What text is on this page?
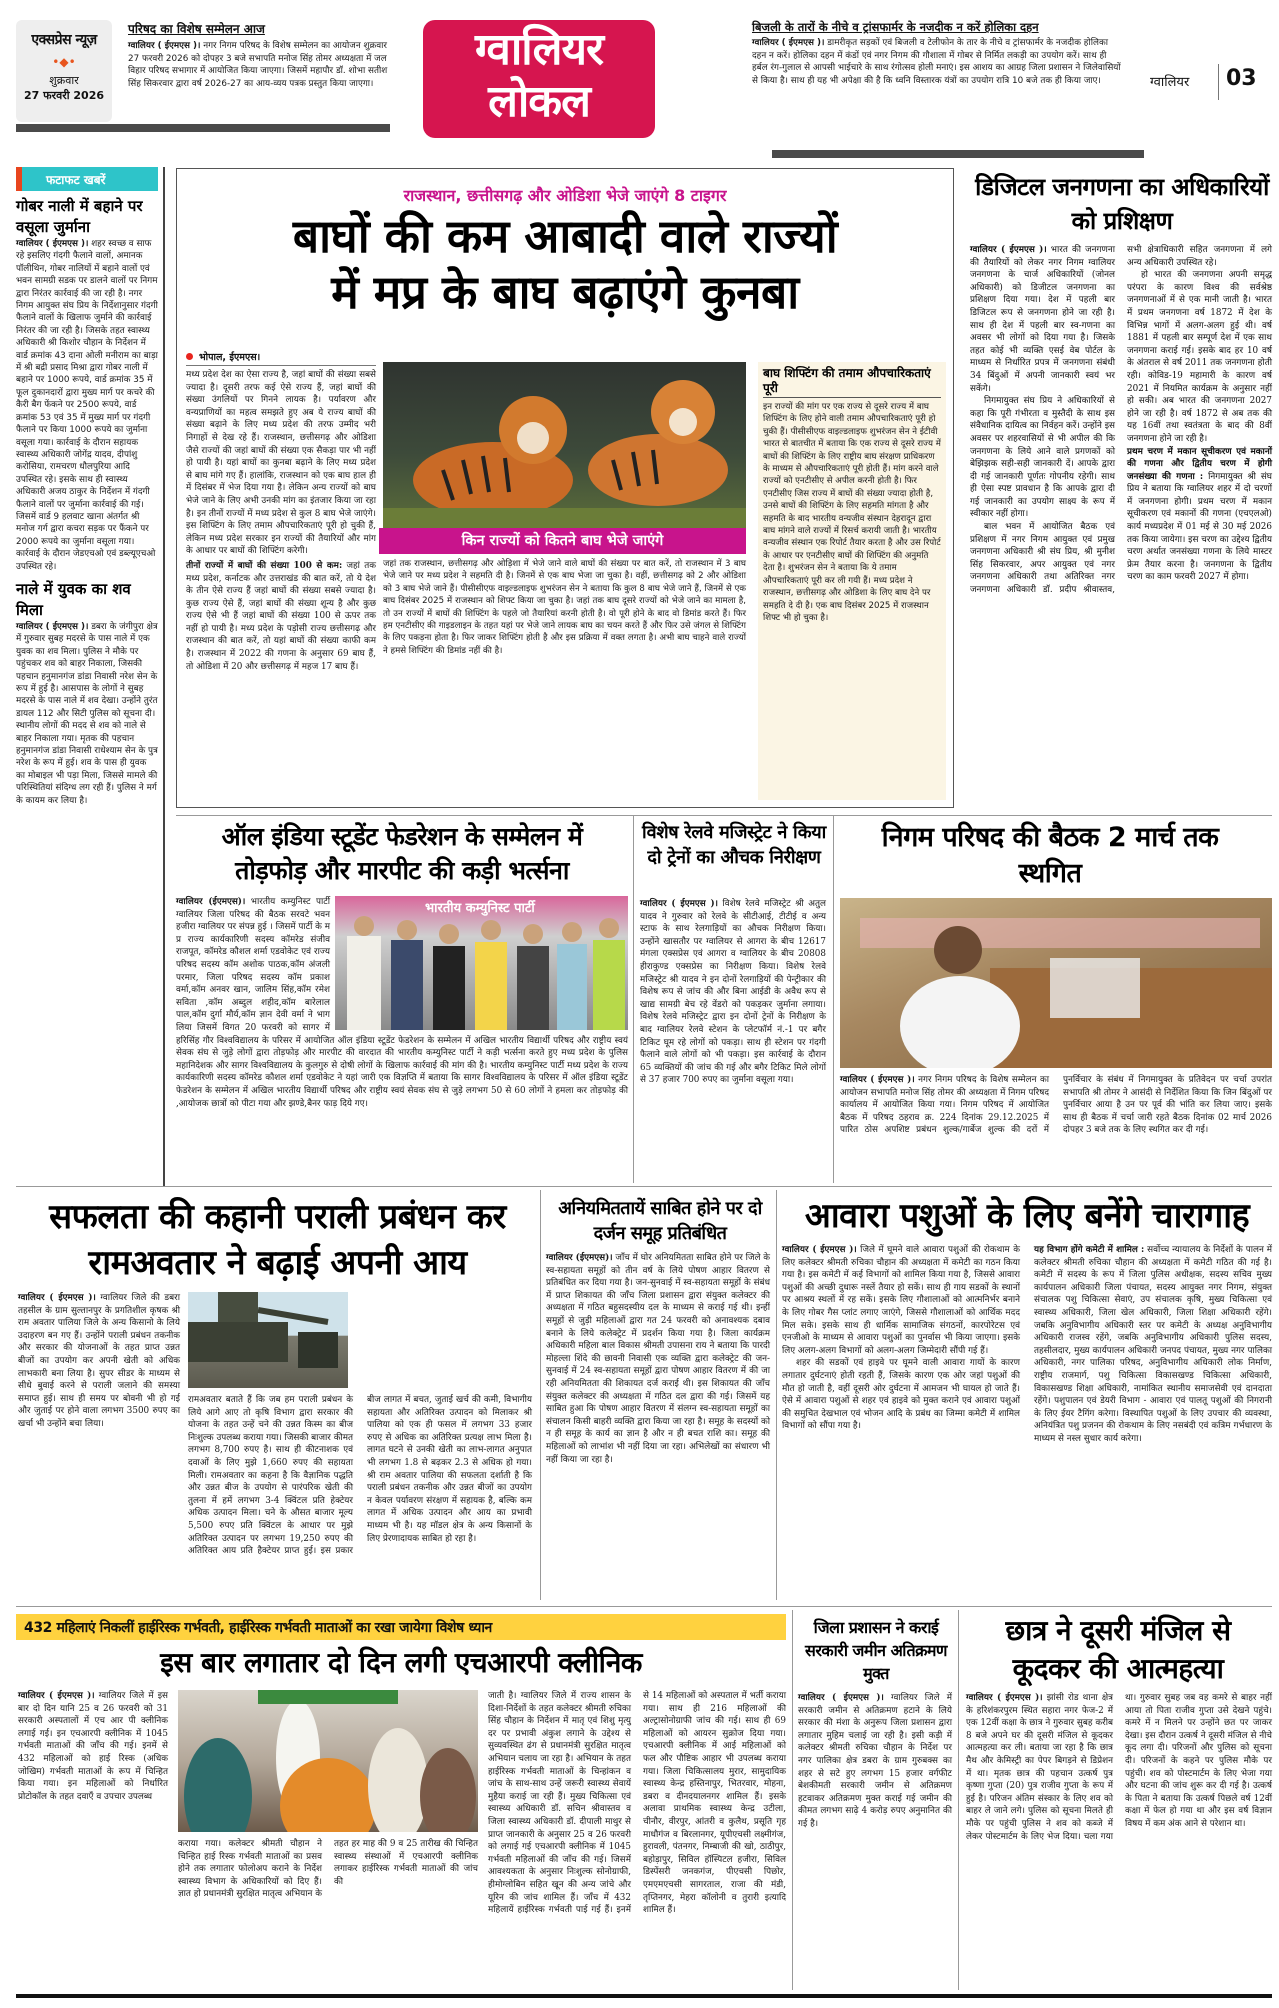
एक्सप्रेस न्यूज़
•◆•
शुक्रवार
27 फरवरी 2026
परिषद का विशेष सम्मेलन आज
ग्वालियर ( ईएमएस )। नगर निगम परिषद के विशेष सम्मेलन का आयोजन शुक्रवार 27 फरवरी 2026 को दोपहर 3 बजे सभापति मनोज सिंह तोमर अध्यक्षता में जल विहार परिषद सभागार में आयोजित किया जाएगा। जिसमें महापौर डॉ. शोभा सतीश सिंह सिकरवार द्वारा वर्ष 2026-27 का आय-व्यय पत्रक प्रस्तुत किया जाएगा।
ग्वालियर
लोकल
बिजली के तारों के नीचे व ट्रांसफार्मर के नजदीक न करें होलिका दहन
ग्वालियर ( ईएमएस )। डामरीकृत सड़कों एवं बिजली व टेलीफोन के तार के नीचे व ट्रांसफार्मर के नजदीक होलिका दहन न करें। होलिका दहन में कंडों एवं नगर निगम की गौशाला में गोबर से निर्मित लकड़ी का उपयोग करें। साथ ही हर्बल रंग-गुलाल से आपसी भाईचारे के साथ रंगोत्सव होली मनाएं। इस आशय का आग्रह जिला प्रशासन ने जिलेवासियों से किया है। साथ ही यह भी अपेक्षा की है कि ध्वनि विस्तारक यंत्रों का उपयोग रात्रि 10 बजे तक ही किया जाए।	ग्वालियर 03
फटाफट खबरें
गोबर नाली में बहाने पर वसूला जुर्माना
ग्वालियर ( ईएमएस )। शहर स्वच्छ व साफ रहे इसलिए गंदगी फैलाने वालों, अमानक पॉलीथिन, गोबर नालियों में बहाने वालों एवं भवन सामग्री सडक पर डालने वालों पर निगम द्वारा निरंतर कार्रवाई की जा रही है। नगर निगम आयुक्त संघ प्रिय के निर्देशानुसार गंदगी फैलाने वालों के खिलाफ जुर्माने की कार्रवाई निरंतर की जा रही है। जिसके तहत स्वास्थ्य अधिकारी श्री किशोर चौहान के निर्देशन में वार्ड क्रमांक 43 दाना ओली मनीराम का बाड़ा में श्री बद्री प्रसाद मिश्रा द्वारा गोबर नाली में बहाने पर 1000 रूपये, वार्ड क्रमांक 35 में फूल दुकानदारों द्वारा मुख्य मार्ग पर कचरे की कैरी बैग फेंकने पर 2500 रूपये, वार्ड क्रमांक 53 एवं 35 में मुख्य मार्ग पर गंदगी फैलाने पर किया 1000 रूपये का जुर्माना वसूला गया। कार्रवाई के दौरान सहायक स्वास्थ्य अधिकारी जोगेंद्र यादव, दीपांशु करोसिया, रामचरण धौलपुरिया आदि उपस्थित रहे। इसके साथ ही स्वास्थ्य अधिकारी अजय ठाकुर के निर्देशन में गंदगी फैलाने वालों पर जुर्माना कार्रवाई की गई। जिसमें वार्ड 9 हलवाट खाना अंतर्गत श्री मनोज गर्ग द्वारा कचरा सड़क पर फैंकने पर 2000 रूपये का जुर्माना वसूला गया। कार्रवाई के दौरान जेडएचओ एवं डब्ल्यूएचओ उपस्थित रहे।
नाले में युवक का शव मिला
ग्वालियर ( ईएमएस )। डबरा के जंगीपुरा क्षेत्र में गुरुवार सुबह मदरसे के पास नाले में एक युवक का शव मिला। पुलिस ने मौके पर पहुंचकर शव को बाहर निकाला, जिसकी पहचान हनुमानगंज डांडा निवासी नरेश सेन के रूप में हुई है। आसपास के लोगों ने सुबह मदरसे के पास नाले में शव देखा। उन्होंने तुरंत डायल 112 और सिटी पुलिस को सूचना दी। स्थानीय लोगों की मदद से शव को नाले से बाहर निकाला गया। मृतक की पहचान हनुमानगंज डांडा निवासी राधेश्याम सेन के पुत्र नरेश के रूप में हुई। शव के पास ही युवक का मोबाइल भी पड़ा मिला, जिससे मामले की परिस्थितियां संदिग्ध लग रही हैं। पुलिस ने मर्ग के कायम कर लिया है।
राजस्थान, छत्तीसगढ़ और ओडिशा भेजे जाएंगे 8 टाइगर
बाघों की कम आबादी वाले राज्यों
में मप्र के बाघ बढ़ाएंगे कुनबा
भोपाल, ईएमएस।
मध्य प्रदेश देश का ऐसा राज्य है, जहां बाघों की संख्या सबसे ज्यादा है। दूसरी तरफ कई ऐसे राज्य हैं, जहां बाघों की संख्या उंगलियों पर गिनने लायक है। पर्यावरण और वन्यप्राणियों का महत्व समझते हुए अब ये राज्य बाघों की संख्या बढ़ाने के लिए मध्य प्रदेश की तरफ उम्मीद भरी निगाहों से देख रहे हैं। राजस्थान, छत्तीसगढ़ और ओडिशा जैसे राज्यों की जहां बाघों की संख्या एक सैकड़ा पार भी नहीं हो पायी है। यहां बाघों का कुनबा बढ़ाने के लिए मध्य प्रदेश से बाघ मांगे गए हैं। हालांकि, राजस्थान को एक बाघ हाल ही में दिसंबर में भेज दिया गया है। लेकिन अन्य राज्यों को बाघ भेजे जाने के लिए अभी उनकी मांग का इंतजार किया जा रहा है। इन तीनों राज्यों में मध्य प्रदेश से कुल 8 बाघ भेजे जाएंगे। इस शिफ्टिंग के लिए तमाम औपचारिकताएं पूरी हो चुकी हैं, लेकिन मध्य प्रदेश सरकार इन राज्यों की तैयारियों और मांग के आधार पर बाघों की शिफ्टिंग करेगी।
तीनों राज्यों में बाघों की संख्या 100 से कम: जहां तक मध्य प्रदेश, कर्नाटक और उत्तराखंड की बात करें, तो ये देश के तीन ऐसे राज्य हैं जहां बाघों की संख्या सबसे ज्यादा है। कुछ राज्य ऐसे हैं, जहां बाघों की संख्या शून्य है और कुछ राज्य ऐसे भी हैं जहां बाघों की संख्या 100 से ऊपर तक नहीं हो पायी है। मध्य प्रदेश के पड़ोसी राज्य छत्तीसगढ़ और राजस्थान की बात करें, तो यहां बाघों की संख्या काफी कम है। राजस्थान में 2022 की गणना के अनुसार 69 बाघ हैं, तो ओडिशा में 20 और छत्तीसगढ़ में महज 17 बाघ हैं।
किन राज्यों को कितने बाघ भेजे जाएंगे
जहां तक राजस्थान, छत्तीसगढ़ और ओड़िशा में भेजे जाने वाले बाघों की संख्या पर बात करें, तो राजस्थान में 3 बाघ भेजे जाने पर मध्य प्रदेश ने सहमति दी है। जिनमें से एक बाघ भेजा जा चुका है। वहीं, छत्तीसगढ़ को 2 और ओडिशा को 3 बाघ भेजे जाने हैं। पीसीसीएफ वाइल्डलाइफ शुभरंजन सेन ने बताया कि कुल 8 बाघ भेजे जाने हैं, जिनमें से एक बाघ दिसंबर 2025 में राजस्थान को शिफ्ट किया जा चुका है। जहां तक बाघ दूसरे राज्यों को भेजे जाने का मामला है, तो उन राज्यों में बाघों की शिफ्टिंग के पहले जो तैयारियां करनी होती है। वो पूरी होने के बाद वो डिमांड करते हैं। फिर हम एनटीसीए की गाइडलाइन के तहत यहां पर भेजे जाने लायक बाघ का चयन करते हैं और फिर उसे जंगल से शिफ्टिंग के लिए पकड़ना होता है। फिर जाकर शिफ्टिंग होती है और इस प्रक्रिया में वक्त लगता है। अभी बाघ चाहने वाले राज्यों ने हमसे शिफ्टिंग की डिमांड नहीं की है।
बाघ शिफ्टिंग की तमाम औपचारिकताएं पूरी
इन राज्यों की मांग पर एक राज्य से दूसरे राज्य में बाघ शिफ्टिंग के लिए होने वाली तमाम औपचारिकताएं पूरी हो चुकी हैं। पीसीसीएफ वाइल्डलाइफ शुभरंजन सेन ने ईटीवी भारत से बातचीत में बताया कि एक राज्य से दूसरे राज्य में बाघों की शिफ्टिंग के लिए राष्ट्रीय बाघ संरक्षण प्राधिकरण के माध्यम से औपचारिकताएं पूरी होती हैं। मांग करने वाले राज्यों को एनटीसीए से अपील करनी होती है। फिर एनटीसीए जिस राज्य में बाघों की संख्या ज्यादा होती है, उनसे बाघों की शिफ्टिंग के लिए सहमति मांगता है और सहमति के बाद भारतीय वन्यजीव संस्थान देहरादून द्वारा बाघ मांगने वाले राज्यों में रिसर्च करायी जाती है। भारतीय वन्यजीव संस्थान एक रिपोर्ट तैयार करता है और उस रिपोर्ट के आधार पर एनटीसीए बाघों की शिफ्टिंग की अनुमति देता है। शुभरंजन सेन ने बताया कि ये तमाम औपचारिकताएं पूरी कर ली गयी हैं। मध्य प्रदेश ने राजस्थान, छत्तीसगढ़ और ओडिशा के लिए बाघ देने पर समहति दे दी है। एक बाघ दिसंबर 2025 में राजस्थान शिफ्ट भी हो चुका है।
डिजिटल जनगणना का अधिकारियों को प्रशिक्षण

ग्वालियर ( ईएमएस )। भारत की जनगणना की तैयारियों को लेकर नगर निगम ग्वालियर जनगणना के चार्ज अधिकारियों (जोनल अधिकारी) को डिजीटल जनगणना का प्रशिक्षण दिया गया। देश में पहली बार डिजिटल रूप से जनगणना होने जा रही है। साथ ही देश में पहली बार स्व-गणना का अवसर भी लोगों को दिया गया है। जिसके तहत कोई भी व्यक्ति एसई वेब पोर्टल के माध्यम से निर्धारित प्रपत्र में जनगणना संबंधी 34 बिंदुओं में अपनी जानकारी स्वयं भर सकेंगे।

निगमायुक्त संघ प्रिय ने अधिकारियों से कहा कि पूरी गंभीरता व मुस्तैदी के साथ इस संवैधानिक दायित्व का निर्वहन करें। उन्होंने इस अवसर पर शहरवासियों से भी अपील की कि जनगणना के लिये आने वाले प्रगणकों को बेझिझक सही-सही जानकारी दें। आपके द्वारा दी गई जानकारी पूर्णतः गोपनीय रहेगी। साथ ही ऐसा स्पष्ट प्रावधान है कि आपके द्वारा दी गई जानकारी का उपयोग साक्ष्य के रूप में स्वीकार नहीं होगा।

बाल भवन में आयोजित बैठक एवं प्रशिक्षण में नगर निगम आयुक्त एवं प्रमुख जनगणना अधिकारी श्री संघ प्रिय, श्री मुनीश सिंह सिकरवार, अपर आयुक्त एवं नगर जनगणना अधिकारी तथा अतिरिक्त नगर जनगणना अधिकारी डॉ. प्रदीप श्रीवास्तव, सभी क्षेत्राधिकारी सहित जनगणना में लगे अन्य अधिकारी उपस्थित रहे।

हो भारत की जनगणना अपनी समृद्ध परंपरा के कारण विश्व की सर्वश्रेष्ठ जनगणनाओं में से एक मानी जाती है। भारत में प्रथम जनगणना वर्ष 1872 में देश के विभिन्न भागों में अलग-अलग हुई थी। वर्ष 1881 में पहली बार सम्पूर्ण देश में एक साथ जनगणना कराई गई। इसके बाद हर 10 वर्ष के अंतराल से वर्ष 2011 तक जनगणना होती रही। कोविड-19 महामारी के कारण वर्ष 2021 में नियमित कार्यक्रम के अनुसार नहीं हो सकी। अब भारत की जनगणना 2027 होने जा रही है। वर्ष 1872 से अब तक की यह 16वीं तथा स्वतंत्रता के बाद की 8वीं जनगणना होने जा रही है।

प्रथम चरण में मकान सूचीकरण एवं मकानों की गणना और द्वितीय चरण में होगी जनसंख्या की गणना : निगमायुक्त श्री संघ प्रिय ने बताया कि ग्वालियर शहर में दो चरणों में जनगणना होगी। प्रथम चरण में मकान सूचीकरण एवं मकानों की गणना (एचएलओ) कार्य मध्यप्रदेश में 01 मई से 30 मई 2026 तक किया जायेगा। इस चरण का उद्देश्य द्वितीय चरण अर्थात जनसंख्या गणना के लिये मास्टर फ्रेम तैयार करना है। जनगणना के द्वितीय चरण का काम फरवरी 2027 में होगा।

ऑल इंडिया स्टूडेंट फेडरेशन के सम्मेलन में तोड़फोड़ और मारपीट की कड़ी भर्त्सना
भारतीय कम्युनिस्ट पार्टी
ग्वालियर (ईएमएस)। भारतीय कम्युनिस्ट पार्टी ग्वालियर जिला परिषद की बैठक सरवटे भवन हजीरा ग्वालियर पर संपन्न हुई । जिसमें पार्टी के म प्र राज्य कार्यकारिणी सदस्य कॉमरेड संजीव राजपूत, कॉमरेड कौशल शर्मा एडवोकेट एवं राज्य परिषद सदस्य कॉम अशोक पाठक,कॉम अंजली परमार, जिला परिषद सदस्य कॉम प्रकाश वर्मा,कॉम अनवर खान, जालिम सिंह,कॉम रमेश सविता ,कॉम अब्दुल शहीद,कॉम बारेलाल पाल,कॉम दुर्गा मौर्य,कॉम ज्ञान देवी वर्मा ने भाग लिया जिसमें विगत 20 फरवरी को सागर में हरिसिंह गौर विश्वविद्यालय के परिसर में आयोजित ऑल इंडिया स्टूडेंट फेडरेशन के सम्मेलन में अखिल भारतीय विद्यार्थी परिषद और राष्ट्रीय स्वयं सेवक संघ से जुड़े लोगों द्वारा तोड़फोड़ और मारपीट की वारदात की भारतीय कम्युनिस्ट पार्टी ने कड़ी भर्त्सना करते हुए मध्य प्रदेश के पुलिस महानिदेशक और सागर विश्वविद्यालय के कुलगुरु से दोषी लोगों के खिलाफ कार्रवाई की मांग की है। भारतीय कम्युनिस्ट पार्टी मध्य प्रदेश के राज्य कार्यकारिणी सदस्य कॉमरेड कौशल शर्मा एडवोकेट ने यहां जारी एक विज्ञप्ति में बताया कि सागर विश्वविद्यालय के परिसर में ऑल इंडिया स्टूडेंट फेडरेशन के सम्मेलन में अखिल भारतीय विद्यार्थी परिषद और राष्ट्रीय स्वयं सेवक संघ से जुड़े लगभग 50 से 60 लोगों ने हमला कर तोड़फोड़ की ,आयोजक छात्रों को पीटा गया और झण्डे,बैनर फाड़ दिये गए।
विशेष रेलवे मजिस्ट्रेट ने किया दो ट्रेनों का औचक निरीक्षण
ग्वालियर ( ईएमएस )। विशेष रेलवे मजिस्ट्रेट श्री अतुल यादव ने गुरुवार को रेलवे के सीटीआई, टीटीई व अन्य स्टाफ के साथ रेलगाड़ियों का औचक निरीक्षण किया। उन्होंने खासतौर पर ग्वालियर से आगरा के बीच 12617 मंगला एक्सप्रेस एवं आगरा व ग्वालियर के बीच 20808 हीराकुण्ड एक्सप्रेस का निरीक्षण किया। विशेष रेलवे मजिस्ट्रेट श्री यादव ने इन दोनों रेलगाड़ियों की पेन्ट्रीकार की विशेष रूप से जांच की और बिना आईडी के अवैध रूप से खाद्य सामग्री बेच रहे वेंडरो को पकड़कर जुर्माना लगाया। विशेष रेलवे मजिस्ट्रेट द्वारा इन दोनों ट्रेनों के निरीक्षण के बाद ग्वालियर रेलवे स्टेशन के प्लेटफॉर्म नं.-1 पर बगैर टिकिट घूम रहे लोगों को पकड़ा। साथ ही स्टेशन पर गंदगी फैलाने वाले लोगों को भी पकड़ा। इस कार्रवाई के दौरान 65 व्यक्तियों की जांच की गई और बगैर टिकिट मिले लोगों से 37 हजार 700 रुपए का जुर्माना वसूला गया।
निगम परिषद की बैठक 2 मार्च तक स्थगित
ग्वालियर ( ईएमएस )। नगर निगम परिषद के विशेष सम्मेलन का आयोजन सभापति मनोज सिंह तोमर की अध्यक्षता में निगम परिषद कार्यालय में आयोजित किया गया। निगम परिषद में आयोजित बैठक में परिषद ठहराव क्र. 224 दिनांक 29.12.2025 में पारित ठोस अपशिष्ट प्रबंधन शुल्क/गार्बेज शुल्क की दरों में पुनर्विचार के संबंध में निगमायुक्त के प्रतिवेदन पर चर्चा उपरांत सभापति श्री तोमर ने आसंदी से निर्देशित किया कि जिन बिंदुओं पर पुनर्विचार आया है उन पर पूर्व की भांति कर लिया जाए। इसके साथ ही बैठक में चर्चा जारी रहते बैठक दिनांक 02 मार्च 2026 दोपहर 3 बजे तक के लिए स्थगित कर दी गई।
सफलता की कहानी पराली प्रबंधन कर रामअवतार ने बढ़ाई अपनी आय
ग्वालियर ( ईएमएस )। ग्वालियर जिले की डबरा तहसील के ग्राम सुल्तानपुर के प्रगतिशील कृषक श्री राम अवतार पालिया जिले के अन्य किसानो के लिये उदाहरण बन गए हैं। उन्होंने पराली प्रबंधन तकनीक और सरकार की योजनाओं के तहत प्राप्त उन्नत बीजों का उपयोग कर अपनी खेती को अधिक लाभकारी बना लिया है। सुपर सीडर के माध्यम से सीधे बुवाई करने से पराली जलाने की समस्या समाप्त हुई। साथ ही समय पर बोवनी भी हो गई और जुताई पर होने वाला लगभग 3500 रुपए का खर्चा भी उन्होंने बचा लिया।
रामअवतार बताते हैं कि जब हम पराली प्रबंधन के लिये आगे आए तो कृषि विभाग द्वारा सरकार की योजना के तहत उन्हें चने की उन्नत किस्म का बीज निःशुल्क उपलब्ध कराया गया। जिसकी बाजार कीमत लगभग 8,700 रुपए है। साथ ही कीटनाशक एवं दवाओं के लिए मुझे 1,660 रुपए की सहायता मिली। रामअवतार का कहना है कि वैज्ञानिक पद्धति और उन्नत बीज के उपयोग से पारंपरिक खेती की तुलना में हमें लगभग 3-4 क्विंटल प्रति हेक्टेयर अधिक उत्पादन मिला। चने के औसत बाजार मूल्य 5,500 रुपए प्रति क्विंटल के आधार पर मुझे अतिरिक्त उत्पादन पर लगभग 19,250 रुपए की अतिरिक्त आय प्रति हैक्टेयर प्राप्त हुई। इस प्रकार बीज लागत में बचत, जुताई खर्च की कमी, विभागीय सहायता और अतिरिक्त उत्पादन को मिलाकर श्री पालिया को एक ही फसल में लगभग 33 हजार रुपए से अधिक का अतिरिक्त प्रत्यक्ष लाभ मिला है। लागत घटने से उनकी खेती का लाभ-लागत अनुपात भी लगभग 1.8 से बढ़कर 2.3 से अधिक हो गया। श्री राम अवतार पालिया की सफलता दर्शाती है कि पराली प्रबंधन तकनीक और उन्नत बीजों का उपयोग न केवल पर्यावरण संरक्षण में सहायक है, बल्कि कम लागत में अधिक उत्पादन और आय का प्रभावी माध्यम भी है। यह मॉडल क्षेत्र के अन्य किसानों के लिए प्रेरणादायक साबित हो रहा है।
अनियमिततायें साबित होने पर दो दर्जन समूह प्रतिबंधित
ग्वालियर (ईएमएस)। जाँच में घोर अनियमितता साबित होने पर जिले के स्व-सहायता समूहों को तीन वर्ष के लिये पोषण आहार वितरण से प्रतिबंधित कर दिया गया है। जन-सुनवाई में स्व-सहायता समूहों के संबंध में प्राप्त शिकायत की जाँच जिला प्रशासन द्वारा संयुक्त कलेक्टर की अध्यक्षता में गठित बहुसदस्यीय दल के माध्यम से कराई गई थी। इन्हीं समूहों से जुड़ी महिलाओं द्वारा गत 24 फरवरी को अनावश्यक दबाव बनाने के लिये कलेक्ट्रेट में प्रदर्शन किया गया है। जिला कार्यक्रम अधिकारी महिला बाल विकास श्रीमती उपासना राय ने बताया कि पारदी मोहल्ला शिंदे की छावनी निवासी एक व्यक्ति द्वारा कलेक्ट्रेट की जन-सुनवाई में 24 स्व-सहायता समूहों द्वारा पोषण आहार वितरण में की जा रही अनियमितता की शिकायत दर्ज कराई थी। इस शिकायत की जाँच संयुक्त कलेक्टर की अध्यक्षता में गठित दल द्वारा की गई। जिसमें यह साबित हुआ कि पोषण आहार वितरण में संलग्न स्व-सहायता समूहों का संचालन किसी बाहरी व्यक्ति द्वारा किया जा रहा है। समूह के सदस्यों को न ही समूह के कार्य का ज्ञान है और न ही बचत राशि का। समूह की महिलाओं को लाभांश भी नहीं दिया जा रहा। अभिलेखों का संधारण भी नहीं किया जा रहा है।
आवारा पशुओं के लिए बनेंगे चारागाह

ग्वालियर ( ईएमएस )। जिले में घूमने वाले आवारा पशुओं की रोकथाम के लिए कलेक्टर श्रीमती रुचिका चौहान की अध्यक्षता में कमेटी का गठन किया गया है। इस कमेटी में कई विभागों को शामिल किया गया है, जिससे आवारा पशुओं की अच्छी दुधारू नस्लें तैयार हो सकें। साथ ही गाय सडकों के स्थानों पर आश्रय स्थलों में रह सकें। इसके लिए गौशालाओं को आत्मनिर्भर बनाने के लिए गोबर गैस प्लांट लगाए जाएंगे, जिससे गौशालाओं को आर्थिक मदद मिल सके। इसके साथ ही धार्मिक सामाजिक संगठनों, कारपोरेटस एवं एनजीओ के माध्यम से आवारा पशुओं का पुनर्वास भी किया जाएगा। इसके लिए अलग-अलग विभागों को अलग-अलग जिम्मेदारी सौंपी गई हैं।

शहर की सडकों एवं हाइवे पर घूमने वाली आवारा गायों के कारण लगातार दुर्घटनाएं होती रहती हैं, जिसके कारण एक ओर जहां पशुओं की मौत हो जाती है, वहीं दूसरी ओर दुर्घटना में आमजन भी घायल हो जाते हैं। ऐसे में आवारा पशुओं से शहर एवं हाइवे को मुक्त कराने एवं आवारा पशुओं की समुचित देखभाल एवं भोजन आदि के प्रबंध का जिम्मा कमेटी में शामिल विभागों को सौंपा गया है।

यह विभाग होंगे कमेटी में शामिल : सर्वोच्च न्यायालय के निर्देशों के पालन में कलेक्टर श्रीमती रुचिका चौहान की अध्यक्षता में कमेटी गठित की गई है। कमेटी में सदस्य के रूप में जिला पुलिस अधीक्षक, सदस्य सचिव मुख्य कार्यपालन अधिकारी जिला पंचायत, सदस्य आयुक्त नगर निगम, संयुक्त संचालक पशु चिकित्सा सेवाएं, उप संचालक कृषि, मुख्य चिकित्सा एवं स्वास्थ्य अधिकारी, जिला खेल अधिकारी, जिला शिक्षा अधिकारी रहेंगे। जबकि अनुविभागीय अधिकारी स्तर पर कमेटी के अध्यक्ष अनुविभागीय अधिकारी राजस्व रहेंगे, जबकि अनुविभागीय अधिकारी पुलिस सदस्य, तहसीलदार, मुख्य कार्यपालन अधिकारी जनपद पंचायत, मुख्य नगर पालिका अधिकारी, नगर पालिका परिषद, अनुविभागीय अधिकारी लोक निर्माण, राष्ट्रीय राजमार्ग, पशु चिकित्सा विकासखण्ड चिकित्सा अधिकारी, विकासखण्ड शिक्षा अधिकारी, नामांकित स्थानीय समाजसेवी एवं दानदाता रहेंगे। पशुपालन एवं डेयरी विभाग - आवारा एवं पालतू पशुओं की निगरानी के लिए ईयर टैगिंग करेगा। विस्थापित पशुओं के लिए उपचार की व्यवस्था, अनियंत्रित पशु प्रजनन की रोकथाम के लिए नसबंदी एवं कत्रिम गर्भधारण के माध्यम से नस्ल सुधार कार्य करेगा।

432 महिलाएं निकलीं हाईरिस्क गर्भवती, हाईरिस्क गर्भवती माताओं का रखा जायेगा विशेष ध्यान
इस बार लगातार दो दिन लगी एचआरपी क्लीनिक
ग्वालियर ( ईएमएस )। ग्वालियर जिले में इस बार दो दिन यानि 25 व 26 फरवरी को 31 सरकारी अस्पतालों में एच आर पी क्लीनिक लगाई गई। इन एचआरपी क्लीनिक में 1045 गर्भवती माताओं की जाँच की गई। इनमें से 432 महिलाओं को हाई रिस्क (अधिक जोखिम) गर्भवती माताओं के रूप में चिन्हित किया गया। इन महिलाओं को निर्धारित प्रोटोकॉल के तहत दवाएँ व उपचार उपलब्ध
जिला प्रशासन ने कराई सरकारी जमीन अतिक्रमण मुक्त
ग्वालियर ( ईएमएस )। ग्वालियर जिले में सरकारी जमीन से अतिक्रमण हटाने के लिये सरकार की मंशा के अनुरूप जिला प्रशासन द्वारा लगातार मुहिम चलाई जा रही है। इसी कड़ी में कलेक्टर श्रीमती रुचिका चौहान के निर्देश पर नगर पालिका क्षेत्र डबरा के ग्राम गुरुबक्स का शहर से सटे हुए लगभग 15 हजार वर्गफीट बेशकीमती सरकारी जमीन से अतिक्रमण हटवाकर अतिक्रमण मुक्त कराई गई जमीन की कीमत लगभग साढ़े 4 करोड़ रुपए अनुमानित की गई है।
छात्र ने दूसरी मंजिल से कूदकर की आत्महत्या
ग्वालियर ( ईएमएस )। झांसी रोड थाना क्षेत्र के हरिशंकरपुरम स्थित सहारा नगर फेज-2 में एक 12वीं कक्षा के छात्र ने गुरुवार सुबह करीब 8 बजे अपने घर की दूसरी मंजिल से कूदकर आत्महत्या कर ली। बताया जा रहा है कि छात्र मैथ और केमिस्ट्री का पेपर बिगड़ने से डिप्रेशन में था। मृतक छात्र की पहचान उत्कर्ष पुत्र कृष्णा गुप्ता (20) पुत्र राजीव गुप्ता के रूप में हुई है। परिजन अंतिम संस्कार के लिए शव को बाहर ले जाने लगे। पुलिस को सूचना मिलते ही मौके पर पहुंची पुलिस ने शव को कब्जे में लेकर पोस्टमार्टम के लिए भेज दिया। चला गया था। गुरुवार सुबह जब वह कमरे से बाहर नहीं आया तो पिता राजीव गुप्ता उसे देखने पहुंचे। कमरे में न मिलने पर उन्होंने छत पर जाकर देखा। इस दौरान उत्कर्ष ने दूसरी मंजिल से नीचे कूद लगा दी। परिजनों और पुलिस को सूचना दी। परिजनों के कहने पर पुलिस मौके पर पहुंची। शव को पोस्टमार्टम के लिए भेजा गया और घटना की जांच शुरू कर दी गई है। उत्कर्ष के पिता ने बताया कि उत्कर्ष पिछले वर्ष 12वीं कक्षा में फेल हो गया था और इस वर्ष विज्ञान विषय में कम अंक आने से परेशान था।
कराया गया। कलेक्टर श्रीमती चौहान ने चिन्हित हाई रिस्क गर्भवती माताओं का प्रसव होने तक लगातार फोलोअप कराने के निर्देश स्वास्थ्य विभाग के अधिकारियों को दिए हैं। ज्ञात हो प्रधानमंत्री सुरक्षित मातृत्व अभियान के तहत हर माह की 9 व 25 तारीख की चिन्हित स्वास्थ्य संस्थाओं में एचआरपी क्लीनिक लगाकर हाईरिस्क गर्भवती माताओं की जांच की
जाती है। ग्वालियर जिले में राज्य शासन के दिशा-निर्देशों के तहत कलेक्टर श्रीमती रुचिका सिंह चौहान के निर्देशन में मातृ एवं शिशु मृत्यु दर पर प्रभावी अंकुश लगाने के उद्देश्य से सुव्यवस्थित ढंग से प्रधानमंत्री सुरक्षित मातृत्व अभियान चलाय जा रहा है। अभियान के तहत हाईरिस्क गर्भवती माताओं के चिन्हांकन व जांच के साथ-साथ उन्हें जरूरी स्वास्थ्य सेवायें मुहैया कराई जा रही हैं। मुख्य चिकित्सा एवं स्वास्थ्य अधिकारी डॉ. सचिन श्रीवास्तव व जिला स्वास्थ्य अधिकारी डॉ. दीपाली माथुर से प्राप्त जानकारी के अनुसार 25 व 26 फरवरी को लगाई गई एचआरपी क्लीनिक में 1045 गर्भवती महिलाओं की जाँच की गई। जिसमें आवश्यकता के अनुसार निःशुल्क सोनोग्राफी, हीमोग्लोबिन सहित खून की अन्य जांचे और यूरिन की जांच शामिल हैं। जाँच में 432 महिलायें हाईरिस्क गर्भवती पाई गई हैं। इनमें से 14 महिलाओं को अस्पताल में भर्ती कराया गया। साथ ही 216 महिलाओं की अल्ट्रासोनोग्राफी जांच की गई। साथ ही 69 महिलाओं को आयरन सुक्रोज दिया गया। एचआरपी क्लीनिक में आई महिलाओं को फल और पौष्टिक आहार भी उपलब्ध कराया गया। जिला चिकित्सालय मुरार, सामुदायिक स्वास्थ्य केन्द्र हस्तिनापुर, भितरवार, मोहना, डबरा व दीनदयालनगर शामिल हैं। इसके अलावा प्राथमिक स्वास्थ्य केन्द्र उटीला, चीनौर, वीरपुर, आंतरी व कुलैथ, प्रसूति गृह माधौगंज व बिरलानगर, यूपीएचसी लक्ष्मीगंज, हुरावली, पंतनगर, निम्बाजी की खो, ठाठीपुर, बहोड़ापुर, सिविल हॉस्पिटल हजीरा, सिविल डिस्पेंसरी जनकगंज, पीएचसी पिछोर, एमएमएचसी सागरताल, राजा की मंडी, तृप्तिनगर, मेहरा कॉलोनी व तुरारी इत्यादि शामिल हैं।
